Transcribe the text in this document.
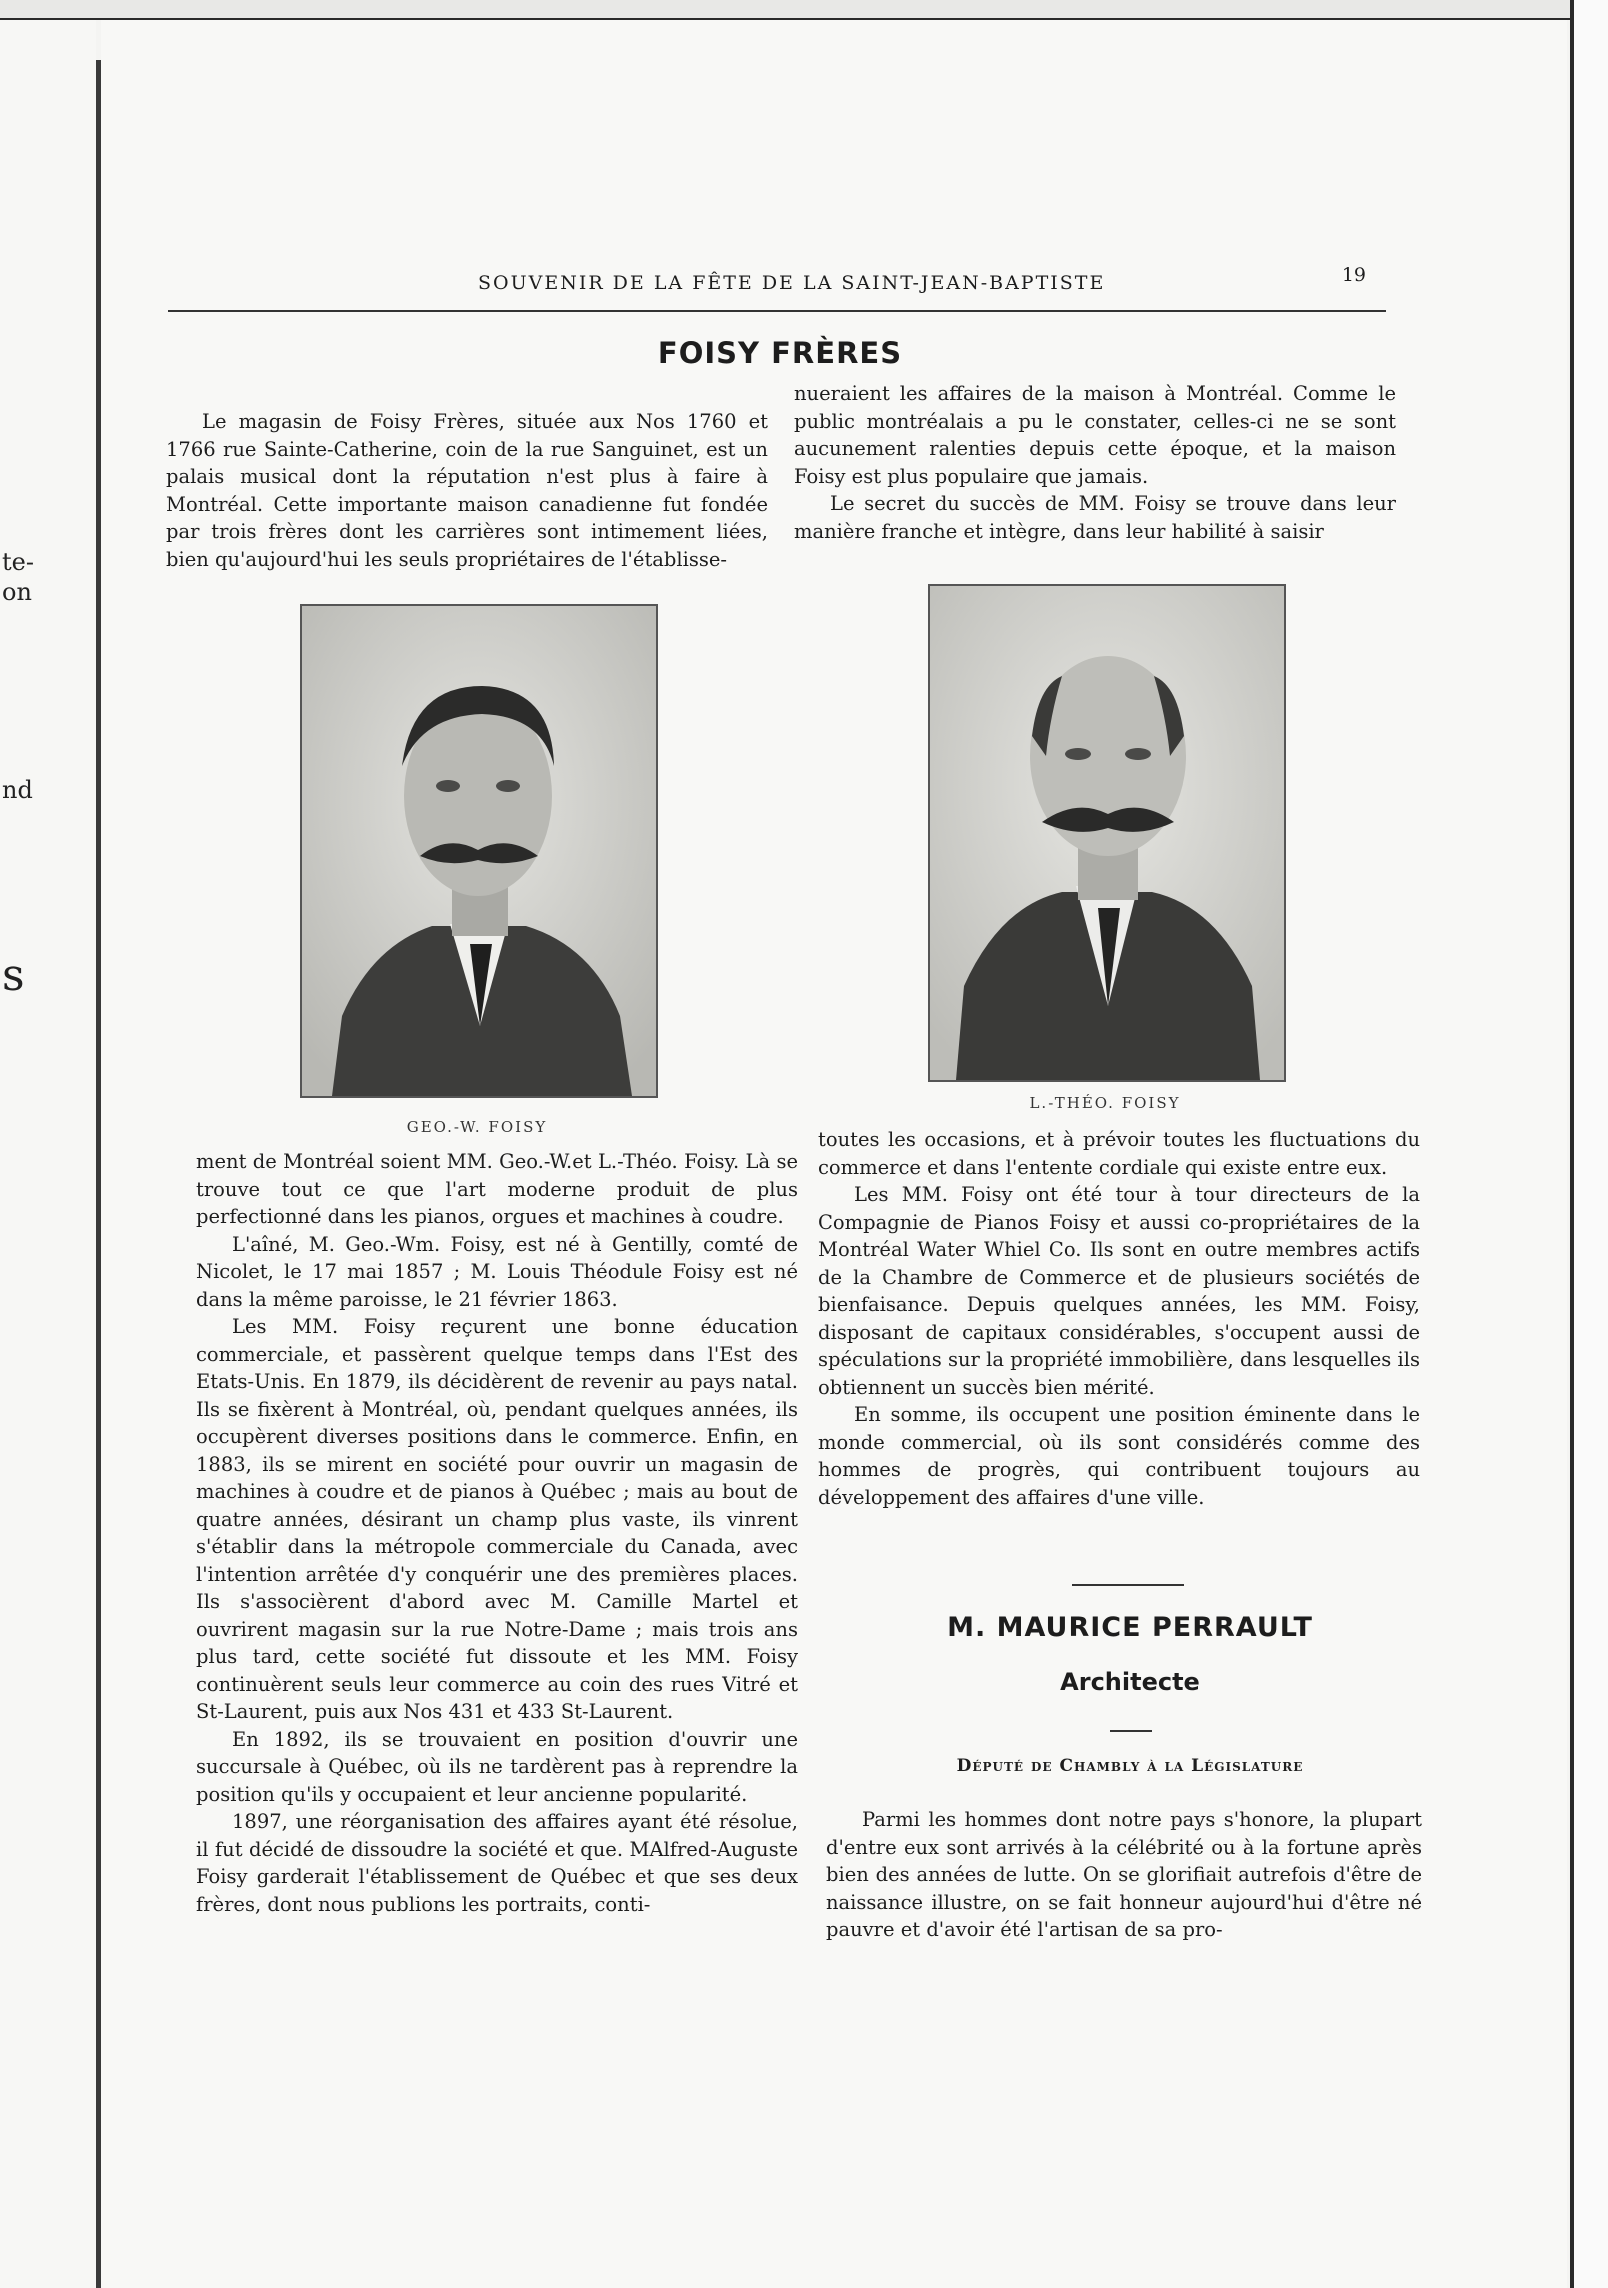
te-
on
nd
s
SOUVENIR DE LA FÊTE DE LA SAINT-JEAN-BAPTISTE	19
FOISY FRÈRES

Le magasin de Foisy Frères, située aux Nos 1760 et 1766 rue Sainte-Catherine, coin de la rue Sanguinet, est un palais musical dont la réputation n'est plus à faire à Montréal. Cette importante maison canadienne fut fondée par trois frères dont les carrières sont intimement liées, bien qu'aujourd'hui les seuls propriétaires de l'établisse-

nueraient les affaires de la maison à Montréal. Comme le public montréalais a pu le constater, celles-ci ne se sont aucunement ralenties depuis cette époque, et la maison Foisy est plus populaire que jamais.

Le secret du succès de MM. Foisy se trouve dans leur manière franche et intègre, dans leur habilité à saisir

GEO.-W. FOISY
L.-THÉO. FOISY

ment de Montréal soient MM. Geo.-W.et L.-Théo. Foisy. Là se trouve tout ce que l'art moderne produit de plus perfectionné dans les pianos, orgues et machines à coudre.

L'aîné, M. Geo.-Wm. Foisy, est né à Gentilly, comté de Nicolet, le 17 mai 1857 ; M. Louis Théodule Foisy est né dans la même paroisse, le 21 février 1863.

Les MM. Foisy reçurent une bonne éducation commerciale, et passèrent quelque temps dans l'Est des Etats-Unis. En 1879, ils décidèrent de revenir au pays natal. Ils se fixèrent à Montréal, où, pendant quelques années, ils occupèrent diverses positions dans le commerce. Enfin, en 1883, ils se mirent en société pour ouvrir un magasin de machines à coudre et de pianos à Québec ; mais au bout de quatre années, désirant un champ plus vaste, ils vinrent s'établir dans la métropole commerciale du Canada, avec l'intention arrêtée d'y conquérir une des premières places. Ils s'associèrent d'abord avec M. Camille Martel et ouvrirent magasin sur la rue Notre-Dame ; mais trois ans plus tard, cette société fut dissoute et les MM. Foisy continuèrent seuls leur commerce au coin des rues Vitré et St-Laurent, puis aux Nos 431 et 433 St-Laurent.

En 1892, ils se trouvaient en position d'ouvrir une succursale à Québec, où ils ne tardèrent pas à reprendre la position qu'ils y occupaient et leur ancienne popularité.

1897, une réorganisation des affaires ayant été résolue, il fut décidé de dissoudre la société et que. MAlfred-Auguste Foisy garderait l'établissement de Québec et que ses deux frères, dont nous publions les portraits, conti-

toutes les occasions, et à prévoir toutes les fluctuations du commerce et dans l'entente cordiale qui existe entre eux.

Les MM. Foisy ont été tour à tour directeurs de la Compagnie de Pianos Foisy et aussi co-propriétaires de la Montréal Water Whiel Co. Ils sont en outre membres actifs de la Chambre de Commerce et de plusieurs sociétés de bienfaisance. Depuis quelques années, les MM. Foisy, disposant de capitaux considérables, s'occupent aussi de spéculations sur la propriété immobilière, dans lesquelles ils obtiennent un succès bien mérité.

En somme, ils occupent une position éminente dans le monde commercial, où ils sont considérés comme des hommes de progrès, qui contribuent toujours au développement des affaires d'une ville.

M. MAURICE PERRAULT
Architecte
Député de Chambly à la Législature

Parmi les hommes dont notre pays s'honore, la plupart d'entre eux sont arrivés à la célébrité ou à la fortune après bien des années de lutte. On se glorifiait autrefois d'être de naissance illustre, on se fait honneur aujourd'hui d'être né pauvre et d'avoir été l'artisan de sa pro-
